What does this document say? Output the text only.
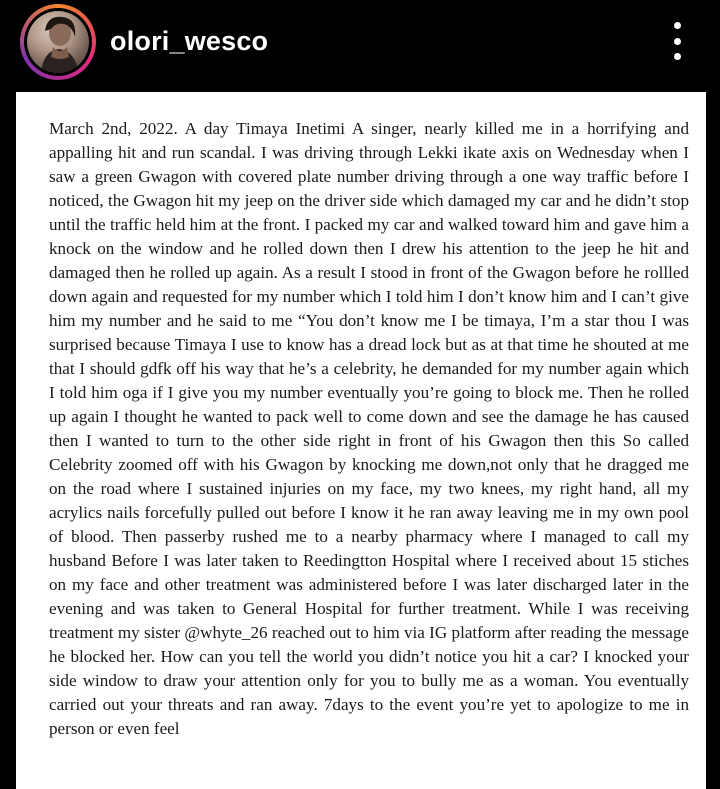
olori_wesco

March 2nd, 2022. A day Timaya Inetimi A singer, nearly killed me in a horrifying and appalling hit and run scandal. I was driving through Lekki ikate axis on Wednesday when I saw a green Gwagon with covered plate number driving through a one way traffic before I noticed, the Gwagon hit my jeep on the driver side which damaged my car and he didn’t stop until the traffic held him at the front. I packed my car and walked toward him and gave him a knock on the window and he rolled down then I drew his attention to the jeep he hit and damaged then he rolled up again. As a result I stood in front of the Gwagon before he rollled down again and requested for my number which I told him I don’t know him and I can’t give him my number and he said to me “You don’t know me I be timaya, I’m a star thou I was surprised because Timaya I use to know has a dread lock but as at that time he shouted at me that I should gdfk off his way that he’s a celebrity, he demanded for my number again which I told him oga if I give you my number eventually you’re going to block me. Then he rolled up again I thought he wanted to pack well to come down and see the damage he has caused then I wanted to turn to the other side right in front of his Gwagon then this So called Celebrity zoomed off with his Gwagon by knocking me down,not only that he dragged me on the road where I sustained injuries on my face, my two knees, my right hand, all my acrylics nails forcefully pulled out before I know it he ran away leaving me in my own pool of blood. Then passerby rushed me to a nearby pharmacy where I managed to call my husband Before I was later taken to Reedingtton Hospital where I received about 15 stiches on my face and other treatment was administered before I was later discharged later in the evening and was taken to General Hospital for further treatment. While I was receiving treatment my sister @whyte_26 reached out to him via IG platform after reading the message he blocked her. How can you tell the world you didn’t notice you hit a car? I knocked your side window to draw your attention only for you to bully me as a woman. You eventually carried out your threats and ran away. 7days to the event you’re yet to apologize to me in person or even feel
